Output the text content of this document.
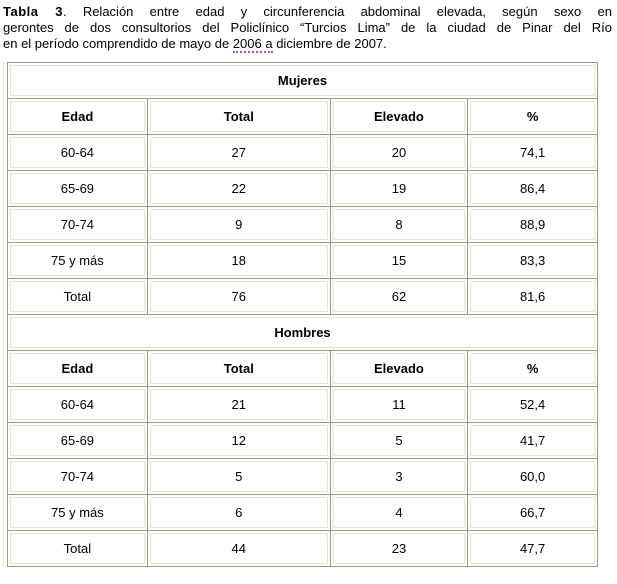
Tabla 3. Relación entre edad y circunferencia abdominal elevada, según sexo en
gerontes de dos consultorios del Policlínico “Turcios Lima” de la ciudad de Pinar del Río
en el período comprendido de mayo de 2006 a diciembre de 2007.
Mujeres			

Edad	Total	Elevado	%

60-64	27	20	74,1

65-69	22	19	86,4

70-74	9	8	88,9

75 y más	18	15	83,3

Total	76	62	81,6

Hombres			

Edad	Total	Elevado	%

60-64	21	11	52,4

65-69	12	5	41,7

70-74	5	3	60,0

75 y más	6	4	66,7

Total	44	23	47,7
